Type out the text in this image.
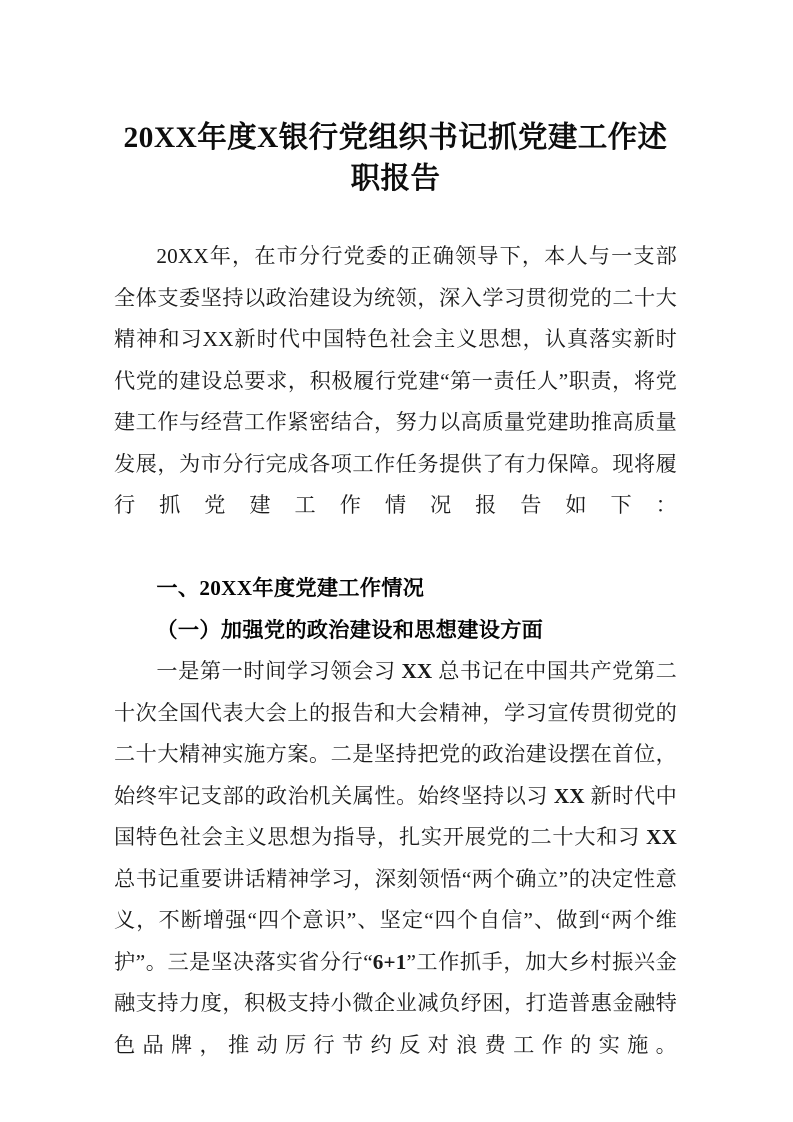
20XX年度X银行党组织书记抓党建工作述
职报告

20XX年，在市分行党委的正确领导下，本人与一支部全体支委坚持以政治建设为统领，深入学习贯彻党的二十大精神和习XX新时代中国特色社会主义思想，认真落实新时代党的建设总要求，积极履行党建“第一责任人”职责，将党建工作与经营工作紧密结合，努力以高质量党建助推高质量发展，为市分行完成各项工作任务提供了有力保障。现将履行抓党建工作情况报告如下：

一、20XX年度党建工作情况

（一）加强党的政治建设和思想建设方面

一是第一时间学习领会习 XX 总书记在中国共产党第二十次全国代表大会上的报告和大会精神，学习宣传贯彻党的二十大精神实施方案。二是坚持把党的政治建设摆在首位，始终牢记支部的政治机关属性。始终坚持以习 XX 新时代中国特色社会主义思想为指导，扎实开展党的二十大和习 XX 总书记重要讲话精神学习，深刻领悟“两个确立”的决定性意义，不断增强“四个意识”、坚定“四个自信”、做到“两个维护”。三是坚决落实省分行“6+1”工作抓手，加大乡村振兴金融支持力度，积极支持小微企业减负纾困，打造普惠金融特色品牌，推动厉行节约反对浪费工作的实施。
